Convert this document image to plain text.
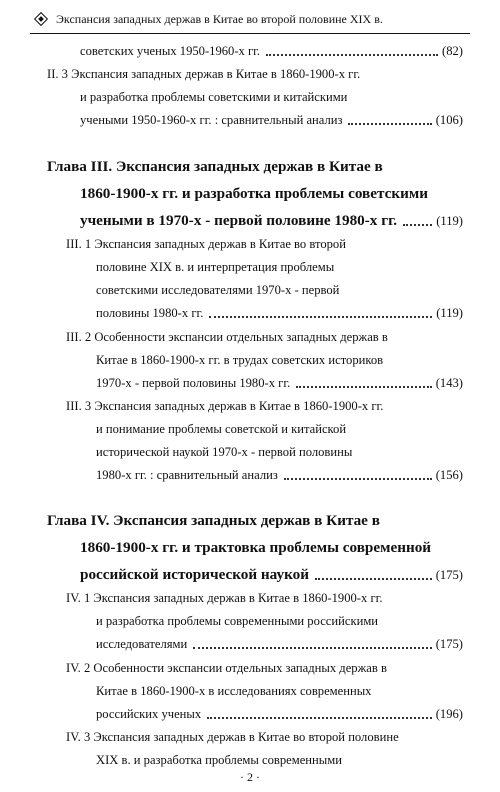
Экспансия западных держав в Китае во второй половине XIX в.
советских ученых 1950-1960-х гг.	(82)
II. 3 Экспансия западных держав в Китае в 1860-1900-х гг.
и разработка проблемы советскими и китайскими
учеными 1950-1960-х гг. : сравнительный анализ	(106)
Глава III. Экспансия западных держав в Китае в
1860-1900-х гг. и разработка проблемы советскими
учеными в 1970-х - первой половине 1980-х гг.	(119)
III. 1 Экспансия западных держав в Китае во второй
половине XIX в. и интерпретация проблемы
советскими исследователями 1970-х - первой
половины 1980-х гг.	(119)
III. 2 Особенности экспансии отдельных западных держав в
Китае в 1860-1900-х гг. в трудах советских историков
1970-х - первой половины 1980-х гг.	(143)
III. 3 Экспансия западных держав в Китае в 1860-1900-х гг.
и понимание проблемы советской и китайской
исторической наукой 1970-х - первой половины
1980-х гг. : сравнительный анализ	(156)
Глава IV. Экспансия западных держав в Китае в
1860-1900-х гг. и трактовка проблемы современной
российской исторической наукой	(175)
IV. 1 Экспансия западных держав в Китае в 1860-1900-х гг.
и разработка проблемы современными российскими
исследователями	(175)
IV. 2 Особенности экспансии отдельных западных держав в
Китае в 1860-1900-х в исследованиях современных
российских ученых	(196)
IV. 3 Экспансия западных держав в Китае во второй половине
XIX в. и разработка проблемы современными
· 2 ·
